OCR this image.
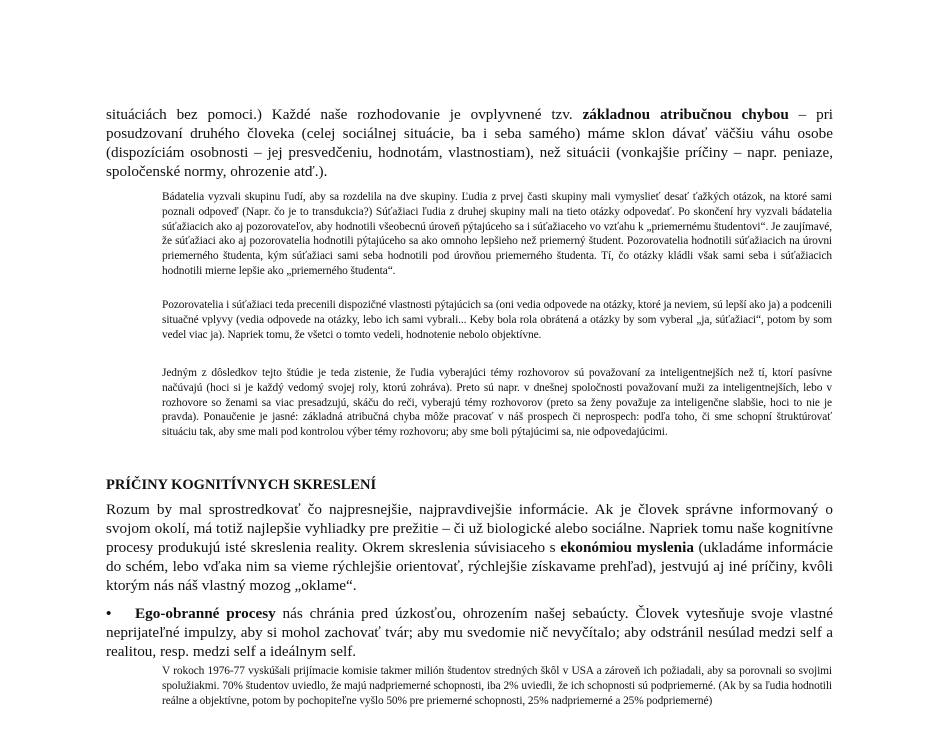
situáciách bez pomoci.) Každé naše rozhodovanie je ovplyvnené tzv. základnou atribučnou chybou – pri posudzovaní druhého človeka (celej sociálnej situácie, ba i seba samého) máme sklon dávať väčšiu váhu osobe (dispozíciám osobnosti – jej presvedčeniu, hodnotám, vlastnostiam), než situácii (vonkajšie príčiny – napr. peniaze, spoločenské normy, ohrozenie atď.).

Bádatelia vyzvali skupinu ľudí, aby sa rozdelila na dve skupiny. Ľudia z prvej časti skupiny mali vymyslieť desať ťažkých otázok, na ktoré sami poznali odpoveď (Napr. čo je to transdukcia?) Súťažiaci ľudia z druhej skupiny mali na tieto otázky odpovedať. Po skončení hry vyzvali bádatelia súťažiacich ako aj pozorovateľov, aby hodnotili všeobecnú úroveň pýtajúceho sa i súťažiaceho vo vzťahu k „priemernému študentovi“. Je zaujímavé, že súťažiaci ako aj pozorovatelia hodnotili pýtajúceho sa ako omnoho lepšieho než priemerný študent. Pozorovatelia hodnotili súťažiacich na úrovni priemerného študenta, kým súťažiaci sami seba hodnotili pod úrovňou priemerného študenta. Tí, čo otázky kládli však sami seba i súťažiacich hodnotili mierne lepšie ako „priemerného študenta“.

Pozorovatelia i súťažiaci teda precenili dispozičné vlastnosti pýtajúcich sa (oni vedia odpovede na otázky, ktoré ja neviem, sú lepší ako ja) a podcenili situačné vplyvy (vedia odpovede na otázky, lebo ich sami vybrali... Keby bola rola obrátená a otázky by som vyberal „ja, súťažiaci“, potom by som vedel viac ja). Napriek tomu, že všetci o tomto vedeli, hodnotenie nebolo objektívne.

Jedným z dôsledkov tejto štúdie je teda zistenie, že ľudia vyberajúci témy rozhovorov sú považovaní za inteligentnejších než tí, ktorí pasívne načúvajú (hoci si je každý vedomý svojej roly, ktorú zohráva). Preto sú napr. v dnešnej spoločnosti považovaní muži za inteligentnejších, lebo v rozhovore so ženami sa viac presadzujú, skáču do reči, vyberajú témy rozhovorov (preto sa ženy považuje za inteligenčne slabšie, hoci to nie je pravda). Ponaučenie je jasné: základná atribučná chyba môže pracovať v náš prospech či neprospech: podľa toho, či sme schopní štruktúrovať situáciu tak, aby sme mali pod kontrolou výber témy rozhovoru; aby sme boli pýtajúcimi sa, nie odpovedajúcimi.

PRÍČINY KOGNITÍVNYCH SKRESLENÍ

Rozum by mal sprostredkovať čo najpresnejšie, najpravdivejšie informácie. Ak je človek správne informovaný o svojom okolí, má totiž najlepšie vyhliadky pre prežitie – či už biologické alebo sociálne. Napriek tomu naše kognitívne procesy produkujú isté skreslenia reality. Okrem skreslenia súvisiaceho s ekonómiou myslenia (ukladáme informácie do schém, lebo vďaka nim sa vieme rýchlejšie orientovať, rýchlejšie získavame prehľad), jestvujú aj iné príčiny, kvôli ktorým nás náš vlastný mozog „oklame“.

• Ego-obranné procesy nás chránia pred úzkosťou, ohrozením našej sebaúcty. Človek vytesňuje svoje vlastné neprijateľné impulzy, aby si mohol zachovať tvár; aby mu svedomie nič nevyčítalo; aby odstránil nesúlad medzi self a realitou, resp. medzi self a ideálnym self.

V rokoch 1976-77 vyskúšali prijímacie komisie takmer milión študentov stredných škôl v USA a zároveň ich požiadali, aby sa porovnali so svojimi spolužiakmi. 70% študentov uviedlo, že majú nadpriemerné schopnosti, iba 2% uviedli, že ich schopnosti sú podpriemerné. (Ak by sa ľudia hodnotili reálne a objektívne, potom by pochopiteľne vyšlo 50% pre priemerné schopnosti, 25% nadpriemerné a 25% podpriemerné)
